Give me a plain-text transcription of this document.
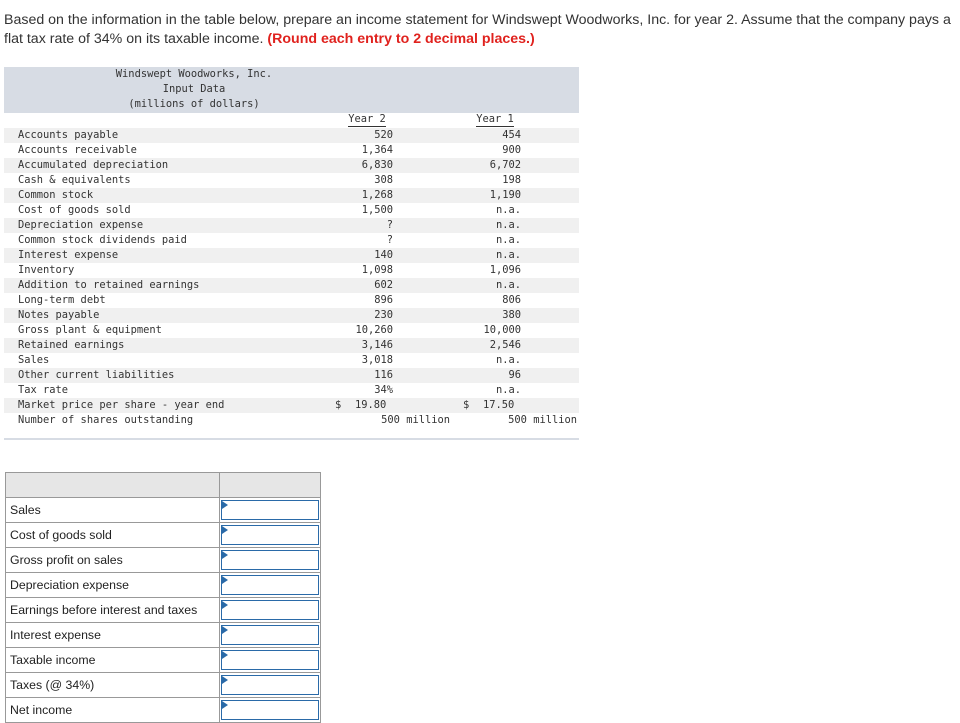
Based on the information in the table below, prepare an income statement for Windswept Woodworks, Inc. for year 2. Assume that the company pays a flat tax rate of 34% on its taxable income. (Round each entry to 2 decimal places.)
Windswept Woodworks, Inc.
Input Data
(millions of dollars)
Year 2	Year 1
Accounts payable	520	454
Accounts receivable	1,364	900
Accumulated depreciation	6,830	6,702
Cash & equivalents	308	198
Common stock	1,268	1,190
Cost of goods sold	1,500	n.a.
Depreciation expense	?	n.a.
Common stock dividends paid	?	n.a.
Interest expense	140	n.a.
Inventory	1,098	1,096
Addition to retained earnings	602	n.a.
Long-term debt	896	806
Notes payable	230	380
Gross plant & equipment	10,260	10,000
Retained earnings	3,146	2,546
Sales	3,018	n.a.
Other current liabilities	116	96
Tax rate	34%	n.a.
Market price per share - year end	$ 19.80	$ 17.50
Number of shares outstanding	500 million	500 million

Sales	

Cost of goods sold	

Gross profit on sales	

Depreciation expense	

Earnings before interest and taxes	

Interest expense	

Taxable income	

Taxes (@ 34%)	

Net income	
